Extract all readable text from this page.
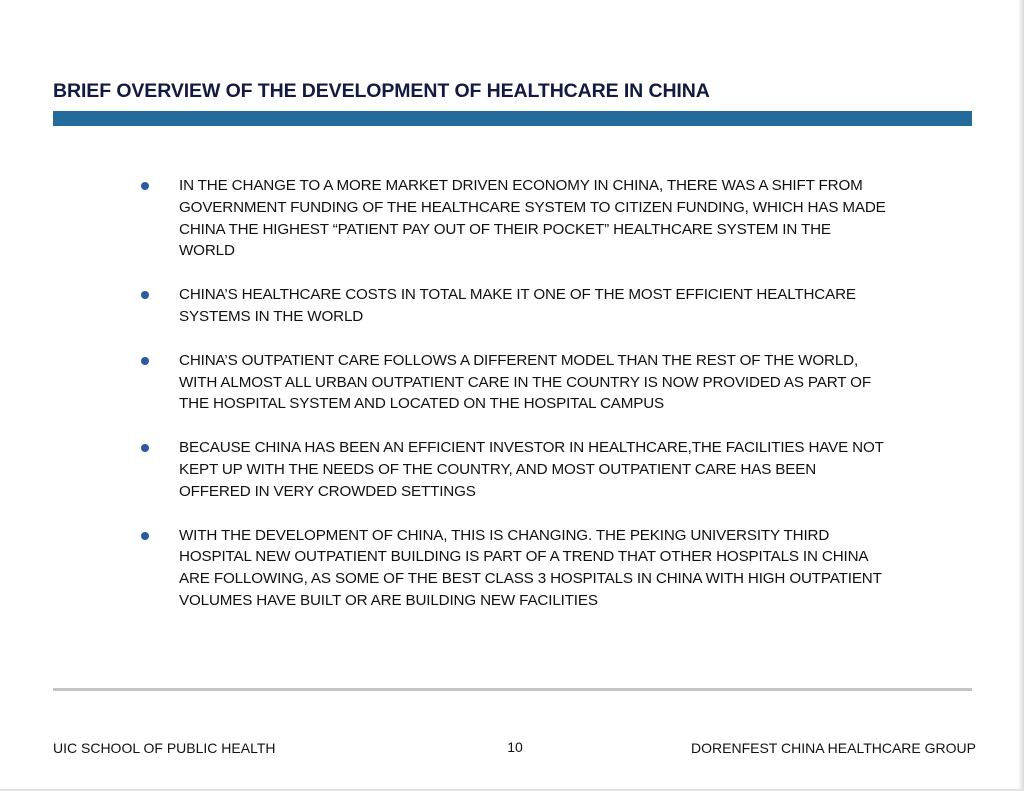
BRIEF OVERVIEW OF THE DEVELOPMENT OF HEALTHCARE IN CHINA
IN THE CHANGE TO A MORE MARKET DRIVEN ECONOMY IN CHINA, THERE WAS A SHIFT FROM GOVERNMENT FUNDING OF THE HEALTHCARE SYSTEM TO CITIZEN FUNDING, WHICH HAS MADE CHINA THE HIGHEST “PATIENT PAY OUT OF THEIR POCKET” HEALTHCARE SYSTEM IN THE WORLD
CHINA’S HEALTHCARE COSTS IN TOTAL MAKE IT ONE OF THE MOST EFFICIENT HEALTHCARE SYSTEMS IN THE WORLD
CHINA’S OUTPATIENT CARE FOLLOWS A DIFFERENT MODEL THAN THE REST OF THE WORLD, WITH ALMOST ALL URBAN OUTPATIENT CARE IN THE COUNTRY IS NOW PROVIDED AS PART OF THE HOSPITAL SYSTEM AND LOCATED ON THE HOSPITAL CAMPUS
BECAUSE CHINA HAS BEEN AN EFFICIENT INVESTOR IN HEALTHCARE,THE FACILITIES HAVE NOT KEPT UP WITH THE NEEDS OF THE COUNTRY, AND MOST OUTPATIENT CARE HAS BEEN OFFERED IN VERY CROWDED SETTINGS
WITH THE DEVELOPMENT OF CHINA, THIS IS CHANGING. THE PEKING UNIVERSITY THIRD HOSPITAL NEW OUTPATIENT BUILDING IS PART OF A TREND THAT OTHER HOSPITALS IN CHINA ARE FOLLOWING, AS SOME OF THE BEST CLASS 3 HOSPITALS IN CHINA WITH HIGH OUTPATIENT VOLUMES HAVE BUILT OR ARE BUILDING NEW FACILITIES
UIC SCHOOL OF PUBLIC HEALTH	10	DORENFEST CHINA HEALTHCARE GROUP
